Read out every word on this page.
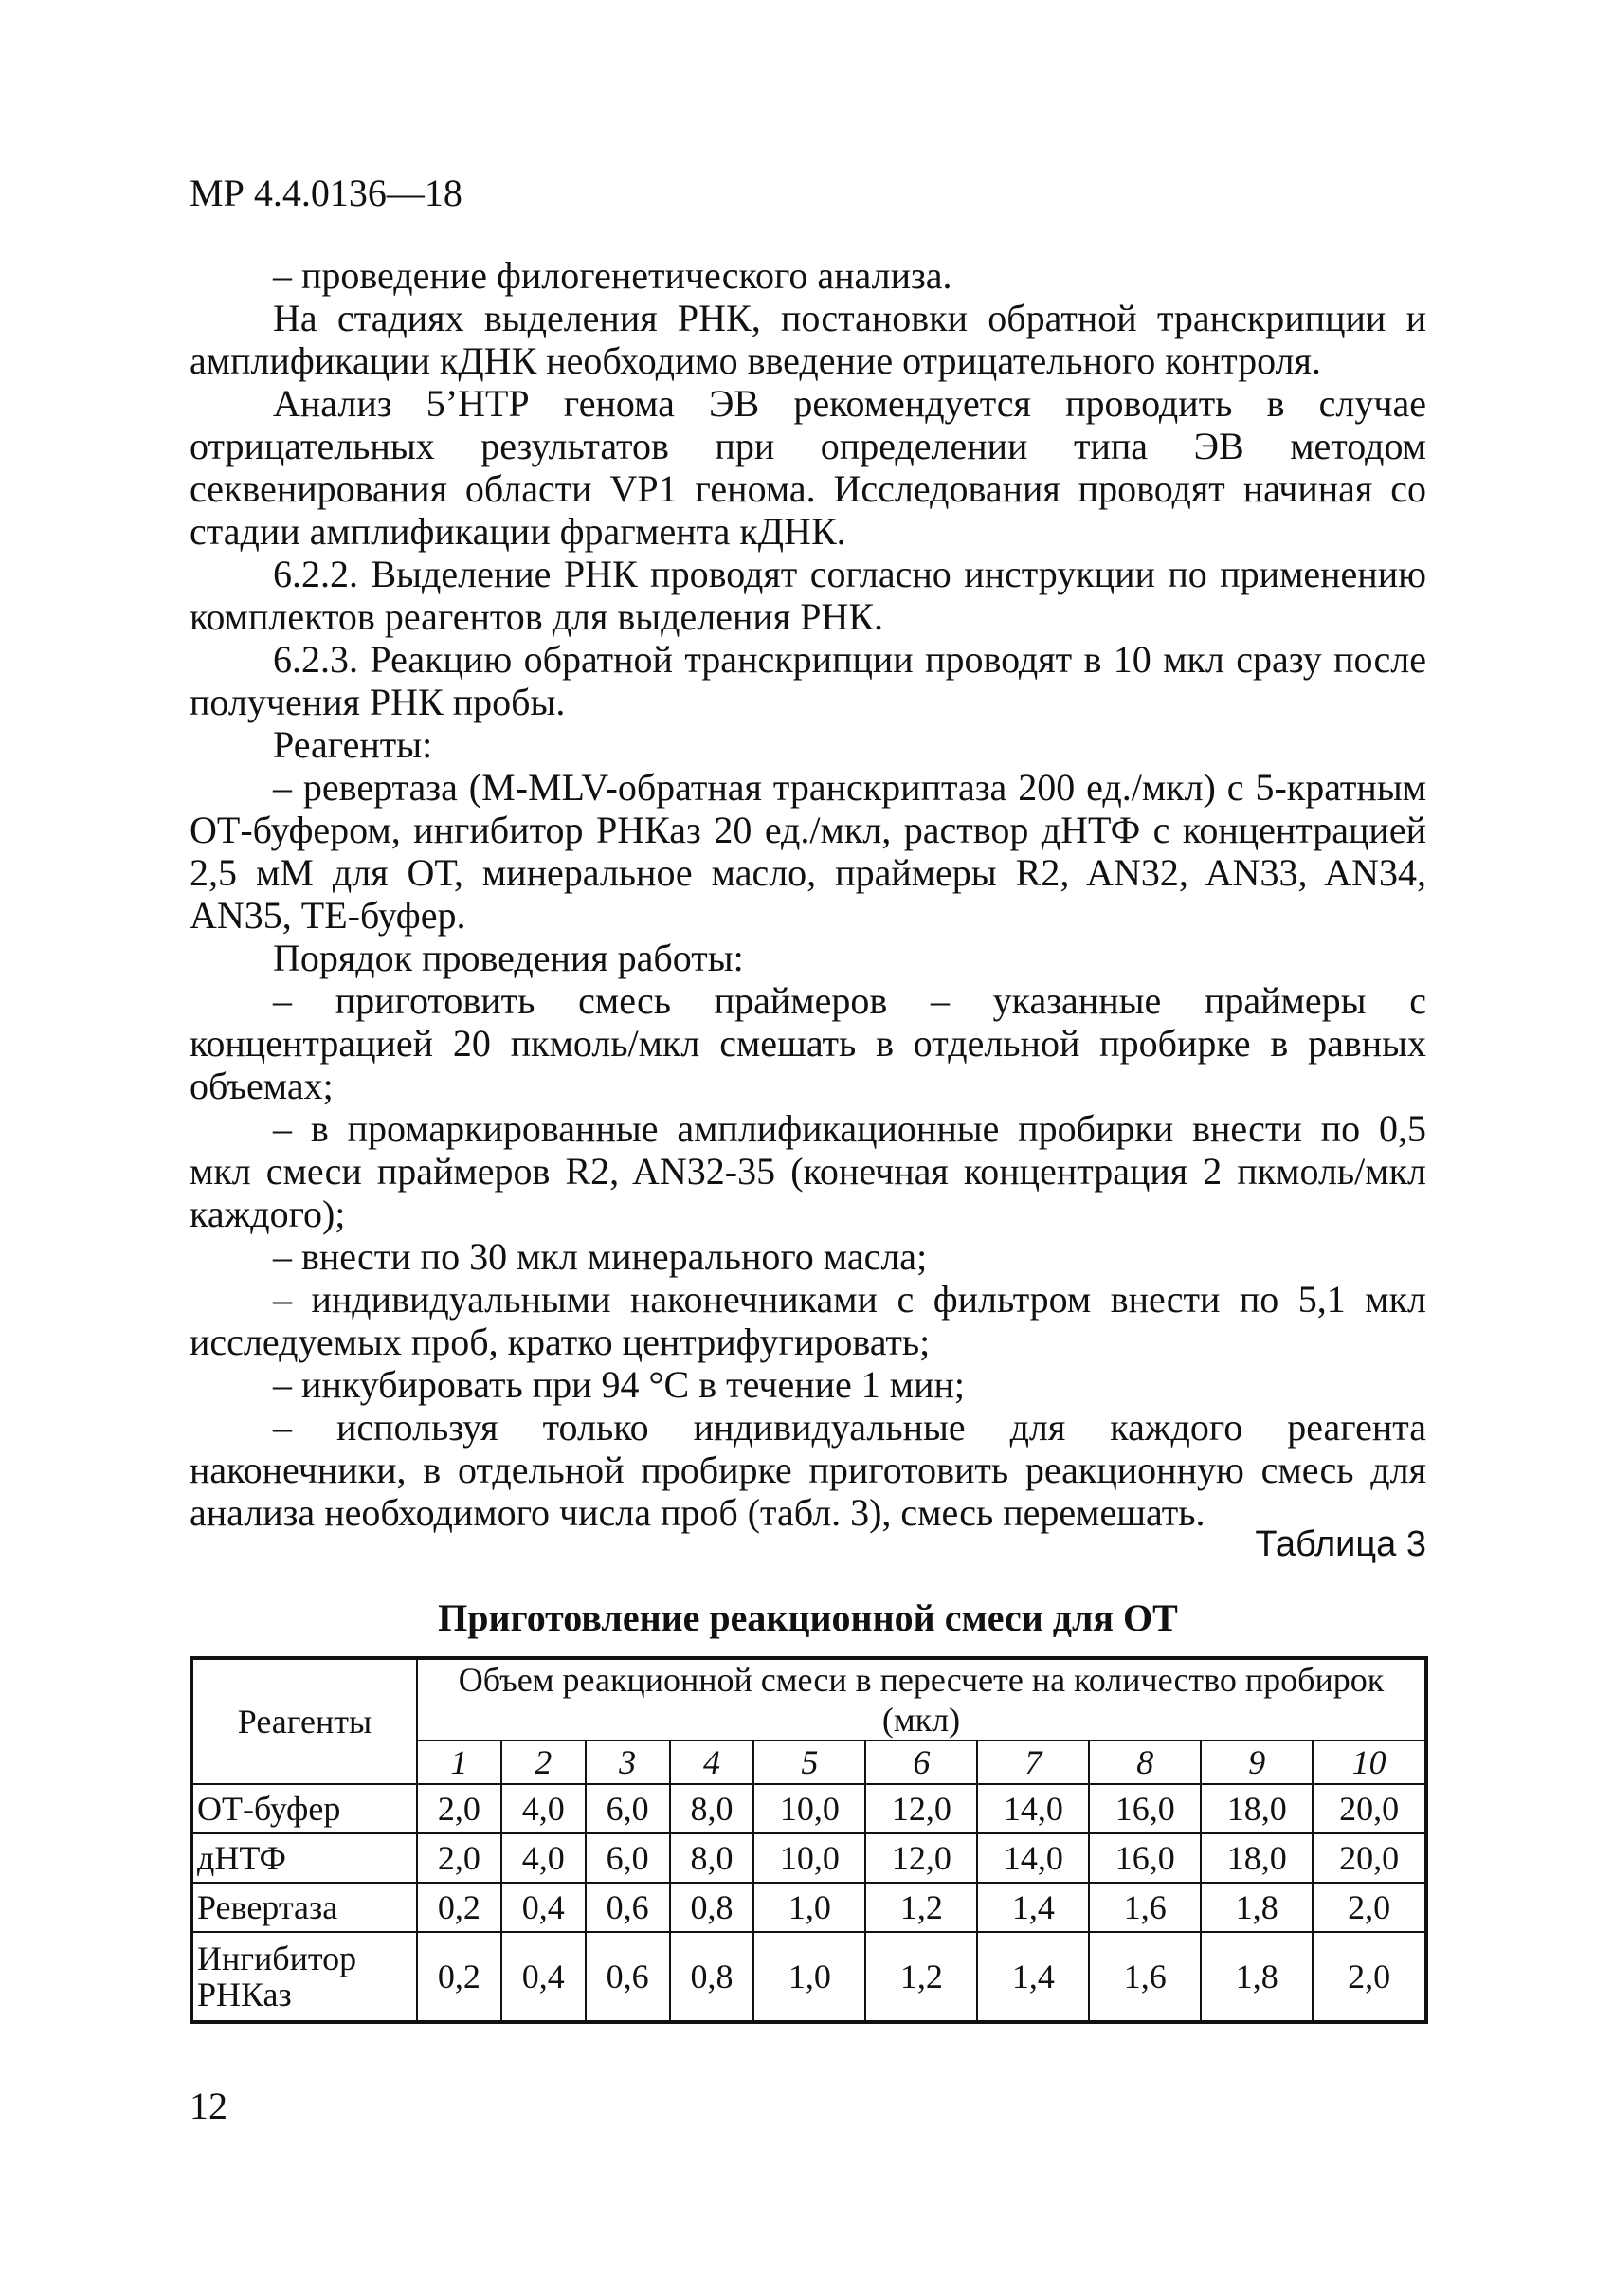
МР 4.4.0136—18

– проведение филогенетического анализа.

На стадиях выделения РНК, постановки обратной транскрипции и амплификации кДНК необходимо введение отрицательного контроля.

Анализ 5’НТР генома ЭВ рекомендуется проводить в случае отрицательных результатов при определении типа ЭВ методом секвенирования области VP1 генома. Исследования проводят начиная со стадии амплификации фрагмента кДНК.

6.2.2. Выделение РНК проводят согласно инструкции по применению комплектов реагентов для выделения РНК.

6.2.3. Реакцию обратной транскрипции проводят в 10 мкл сразу после получения РНК пробы.

Реагенты:

– ревертаза (M-MLV-обратная транскриптаза 200 ед./мкл) с 5-кратным ОТ-буфером, ингибитор РНКаз 20 ед./мкл, раствор дНТФ с концентрацией 2,5 мМ для ОТ, минеральное масло, праймеры R2, AN32, AN33, AN34, AN35, ТЕ-буфер.

Порядок проведения работы:

– приготовить смесь праймеров – указанные праймеры с концентрацией 20 пкмоль/мкл смешать в отдельной пробирке в равных объемах;

– в промаркированные амплификационные пробирки внести по 0,5 мкл смеси праймеров R2, AN32-35 (конечная концентрация 2 пкмоль/мкл каждого);

– внести по 30 мкл минерального масла;

– индивидуальными наконечниками с фильтром внести по 5,1 мкл исследуемых проб, кратко центрифугировать;

– инкубировать при 94 °С в течение 1 мин;

– используя только индивидуальные для каждого реагента наконечники, в отдельной пробирке приготовить реакционную смесь для анализа необходимого числа проб (табл. 3), смесь перемешать.

Таблица 3
Приготовление реакционной смеси для ОТ
Реагенты	Объем реакционной смеси в пересчете на количество пробирок (мкл)									
	1	2	3	4	5	6	7	8	9	10
ОТ-буфер	2,0	4,0	6,0	8,0	10,0	12,0	14,0	16,0	18,0	20,0
дНТФ	2,0	4,0	6,0	8,0	10,0	12,0	14,0	16,0	18,0	20,0
Ревертаза	0,2	0,4	0,6	0,8	1,0	1,2	1,4	1,6	1,8	2,0
Ингибитор РНКаз	0,2	0,4	0,6	0,8	1,0	1,2	1,4	1,6	1,8	2,0
12
